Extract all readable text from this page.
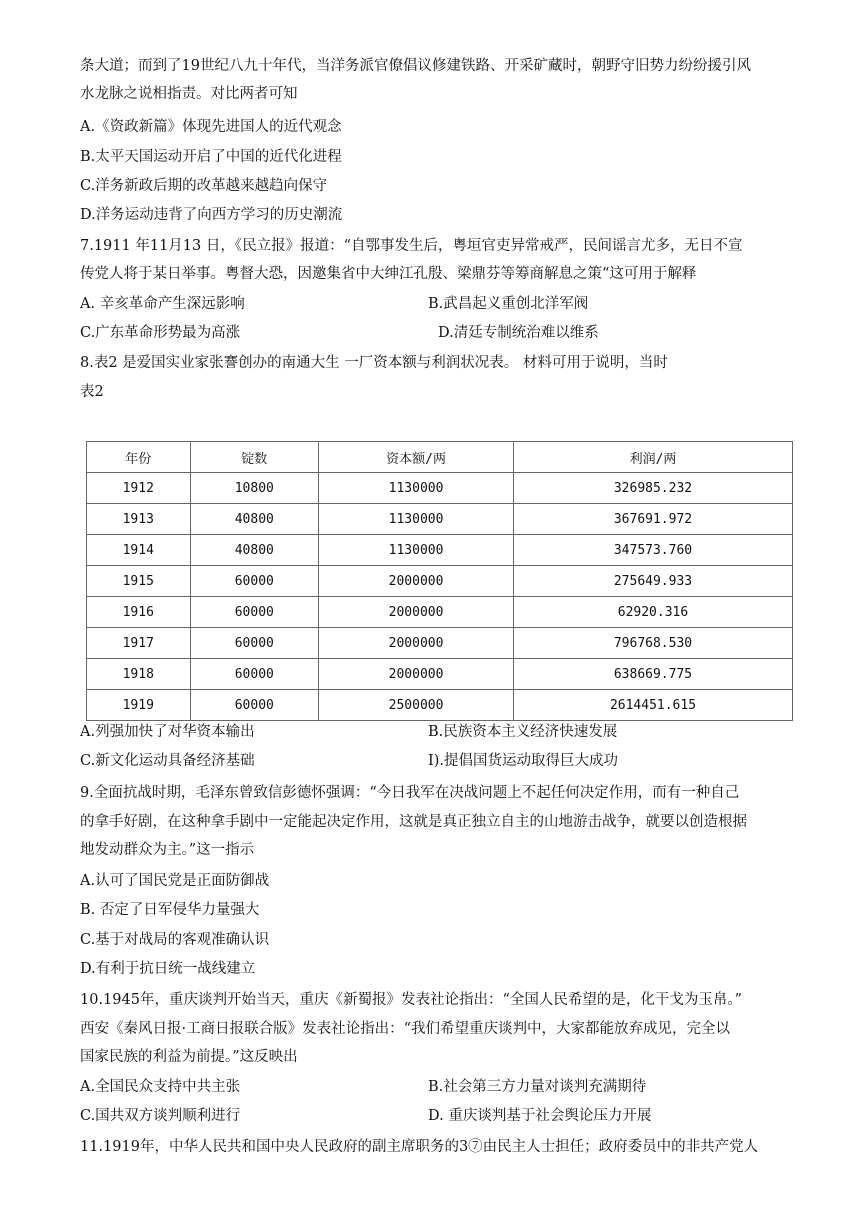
条大道；而到了19世纪八九十年代，当洋务派官僚倡议修建铁路、开采矿藏时，朝野守旧势力纷纷援引风
水龙脉之说相指责。对比两者可知
A.《资政新篇》体现先进国人的近代观念
B.太平天国运动开启了中国的近代化进程
C.洋务新政后期的改革越来越趋向保守
D.洋务运动违背了向西方学习的历史潮流
7.1911 年11月13 日，《民立报》报道：“自鄂事发生后，粤垣官吏异常戒严，民间谣言尤多，无日不宣
传党人将于某日举事。粤督大恐，因邀集省中大绅江孔殷、梁鼎芬等筹商解息之策“这可用于解释
A. 辛亥革命产生深远影响	B.武昌起义重创北洋军阀
C.广东革命形势最为高涨	D.清廷专制统治难以维系
8.表2 是爱国实业家张謇创办的南通大生 一厂资本额与利润状况表。 材料可用于说明，当时
表2
年份	锭数	资本额/两	利润/两
1912	10800	1130000	326985.232
1913	40800	1130000	367691.972
1914	40800	1130000	347573.760
1915	60000	2000000	275649.933
1916	60000	2000000	62920.316
1917	60000	2000000	796768.530
1918	60000	2000000	638669.775
1919	60000	2500000	2614451.615
A.列强加快了对华资本输出	B.民族资本主义经济快速发展
C.新文化运动具备经济基础	I).提倡国货运动取得巨大成功
9.全面抗战时期，毛泽东曾致信彭德怀强调：“今日我军在决战问题上不起任何决定作用，而有一种自己
的拿手好剧，在这种拿手剧中一定能起决定作用，这就是真正独立自主的山地游击战争，就要以创造根据
地发动群众为主。”这一指示
A.认可了国民党是正面防御战
B. 否定了日军侵华力量强大
C.基于对战局的客观准确认识
D.有利于抗日统一战线建立
10.1945年，重庆谈判开始当天，重庆《新蜀报》发表社论指出：“全国人民希望的是，化干戈为玉帛。”
西安《秦风日报·工商日报联合版》发表社论指出：“我们希望重庆谈判中，大家都能放弃成见，完全以
国家民族的利益为前提。”这反映出
A.全国民众支持中共主张	B.社会第三方力量对谈判充满期待
C.国共双方谈判顺利进行	D. 重庆谈判基于社会舆论压力开展
11.1919年，中华人民共和国中央人民政府的副主席职务的3⑦由民主人士担任；政府委员中的非共产党人
